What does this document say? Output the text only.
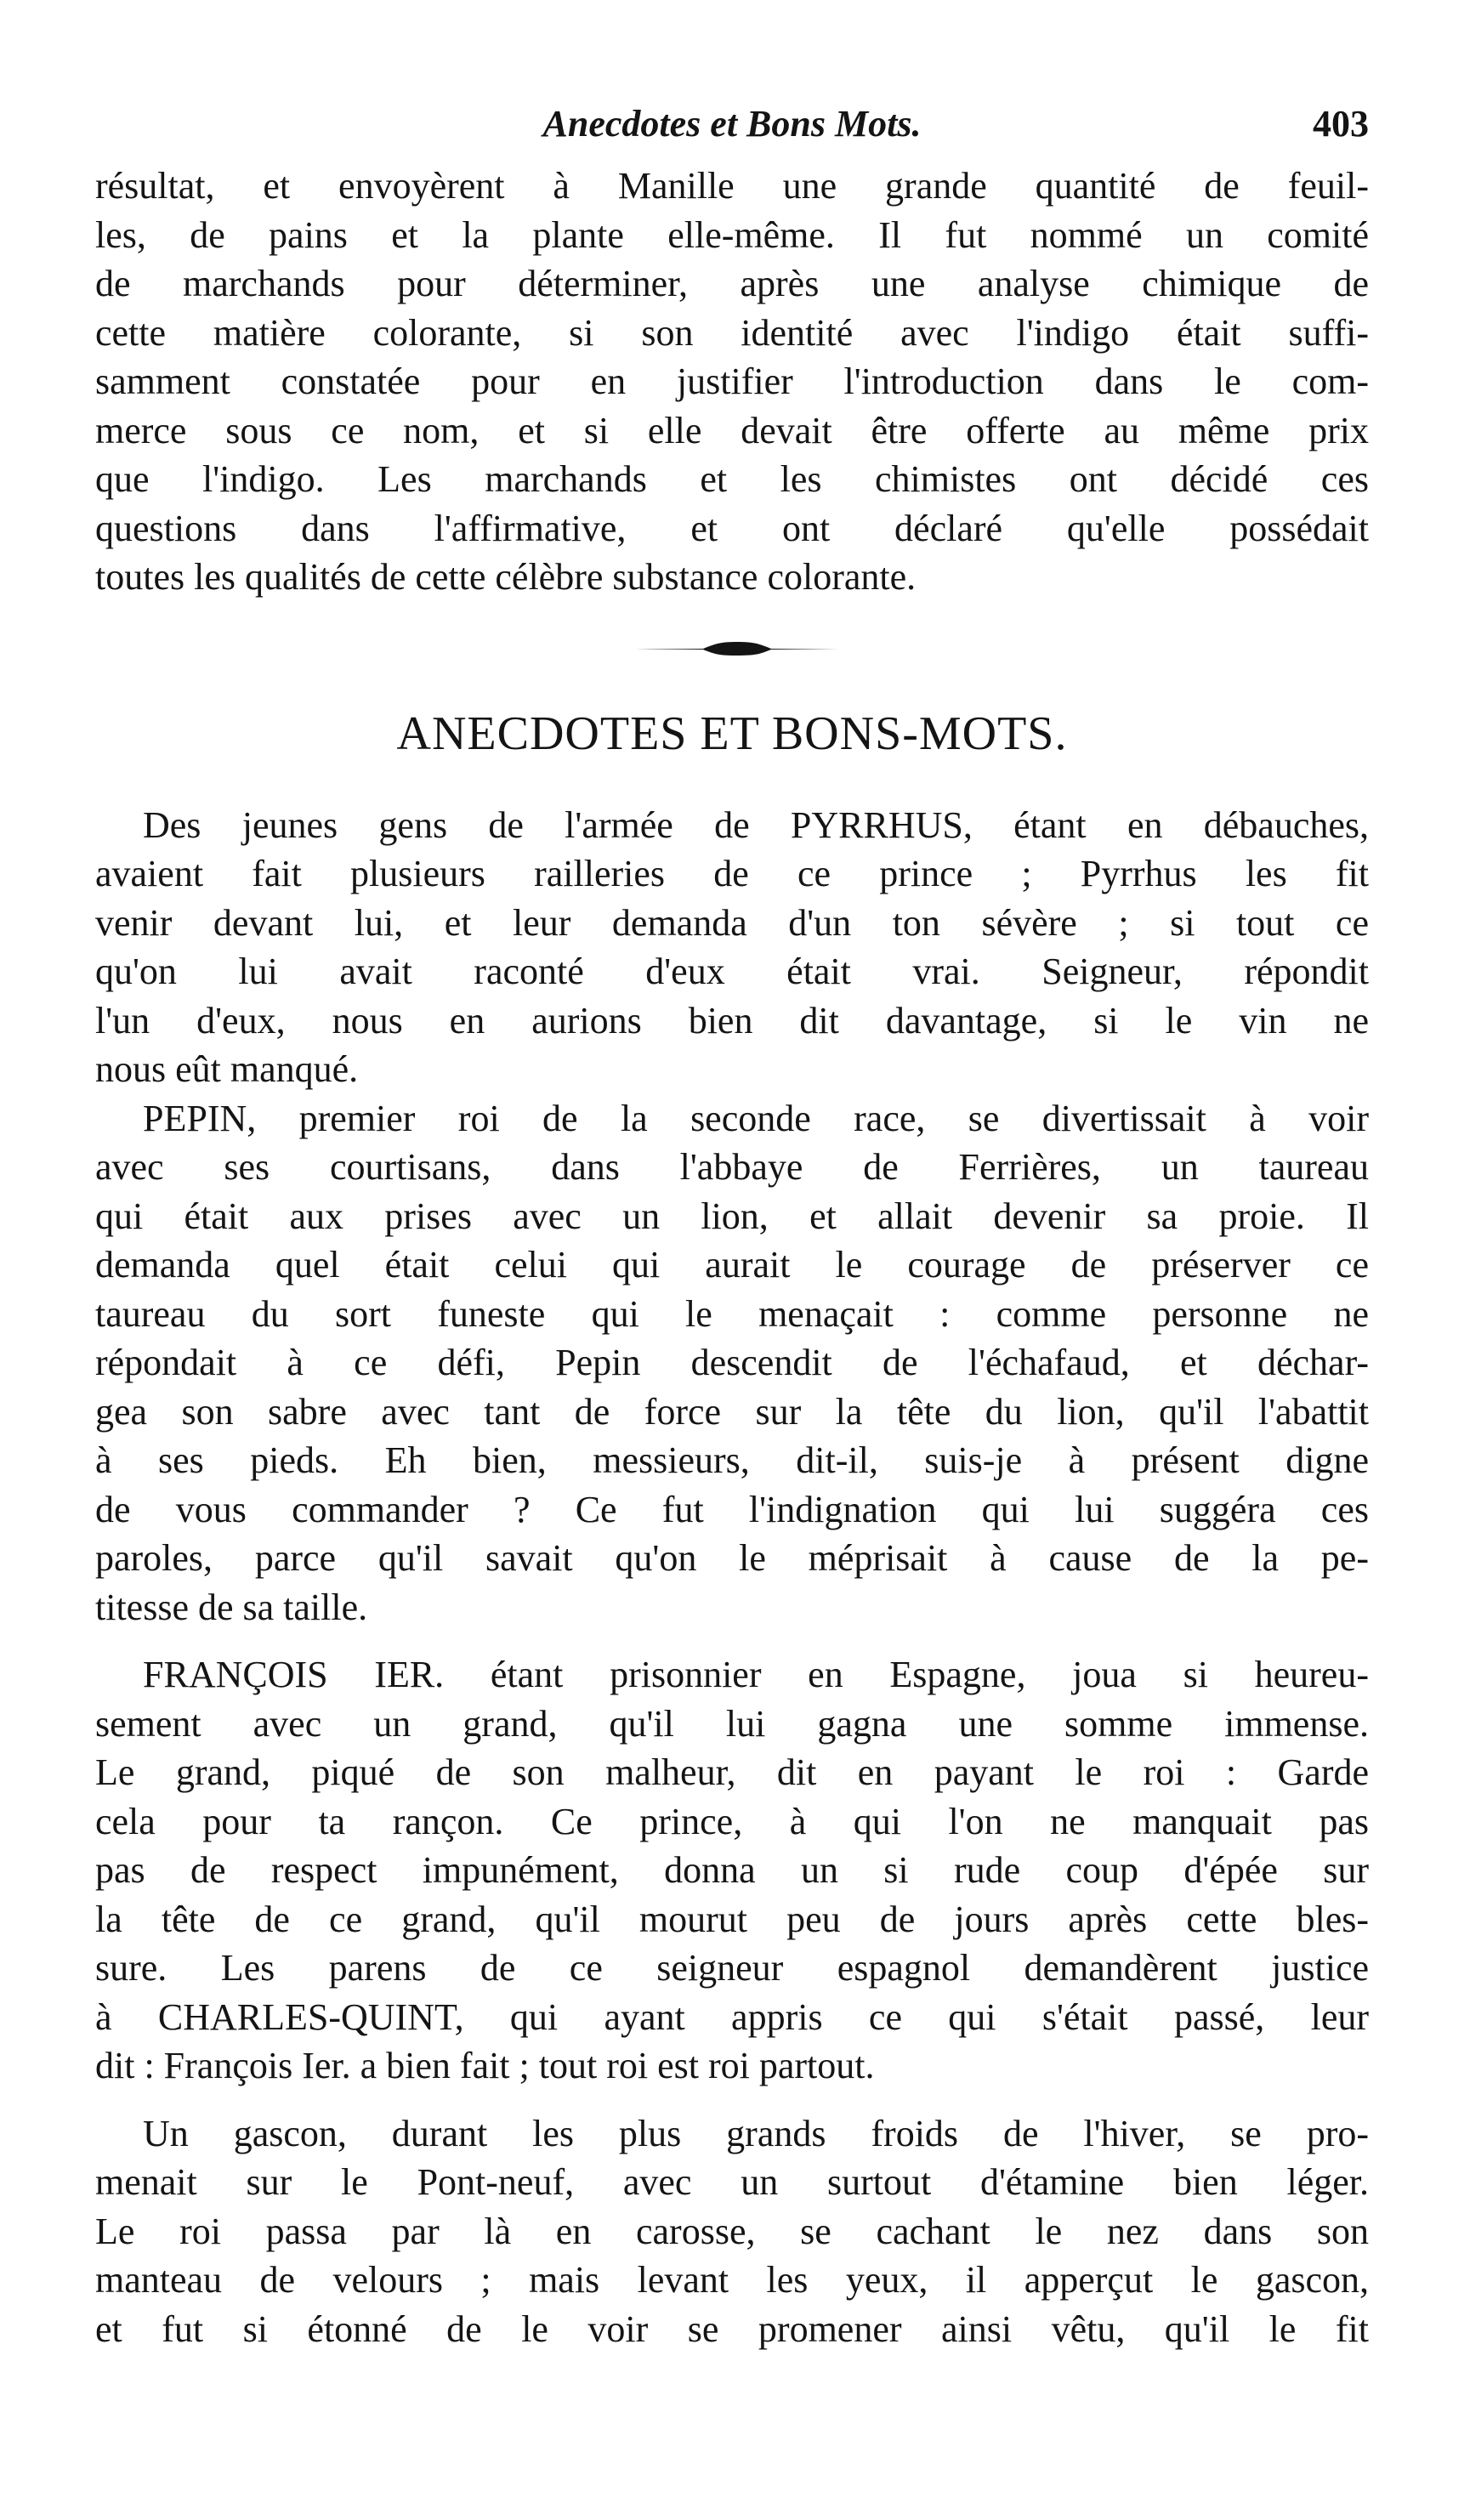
Anecdotes et Bons Mots.	403
résultat, et envoyèrent à Manille une grande quantité de feuil-
les, de pains et la plante elle-même. Il fut nommé un comité
de marchands pour déterminer, après une analyse chimique de
cette matière colorante, si son identité avec l'indigo était suffi-
samment constatée pour en justifier l'introduction dans le com-
merce sous ce nom, et si elle devait être offerte au même prix
que l'indigo. Les marchands et les chimistes ont décidé ces
questions dans l'affirmative, et ont déclaré qu'elle possédait
toutes les qualités de cette célèbre substance colorante.
ANECDOTES ET BONS-MOTS.
Des jeunes gens de l'armée de PYRRHUS, étant en débauches,
avaient fait plusieurs railleries de ce prince ; Pyrrhus les fit
venir devant lui, et leur demanda d'un ton sévère ; si tout ce
qu'on lui avait raconté d'eux était vrai. Seigneur, répondit
l'un d'eux, nous en aurions bien dit davantage, si le vin ne
nous eût manqué.
PEPIN, premier roi de la seconde race, se divertissait à voir
avec ses courtisans, dans l'abbaye de Ferrières, un taureau
qui était aux prises avec un lion, et allait devenir sa proie. Il
demanda quel était celui qui aurait le courage de préserver ce
taureau du sort funeste qui le menaçait : comme personne ne
répondait à ce défi, Pepin descendit de l'échafaud, et déchar-
gea son sabre avec tant de force sur la tête du lion, qu'il l'abattit
à ses pieds. Eh bien, messieurs, dit-il, suis-je à présent digne
de vous commander ? Ce fut l'indignation qui lui suggéra ces
paroles, parce qu'il savait qu'on le méprisait à cause de la pe-
titesse de sa taille.
FRANÇOIS IER. étant prisonnier en Espagne, joua si heureu-
sement avec un grand, qu'il lui gagna une somme immense.
Le grand, piqué de son malheur, dit en payant le roi : Garde
cela pour ta rançon. Ce prince, à qui l'on ne manquait pas
pas de respect impunément, donna un si rude coup d'épée sur
la tête de ce grand, qu'il mourut peu de jours après cette bles-
sure. Les parens de ce seigneur espagnol demandèrent justice
à CHARLES-QUINT, qui ayant appris ce qui s'était passé, leur
dit : François Ier. a bien fait ; tout roi est roi partout.
Un gascon, durant les plus grands froids de l'hiver, se pro-
menait sur le Pont-neuf, avec un surtout d'étamine bien léger.
Le roi passa par là en carosse, se cachant le nez dans son
manteau de velours ; mais levant les yeux, il apperçut le gascon,
et fut si étonné de le voir se promener ainsi vêtu, qu'il le fit
